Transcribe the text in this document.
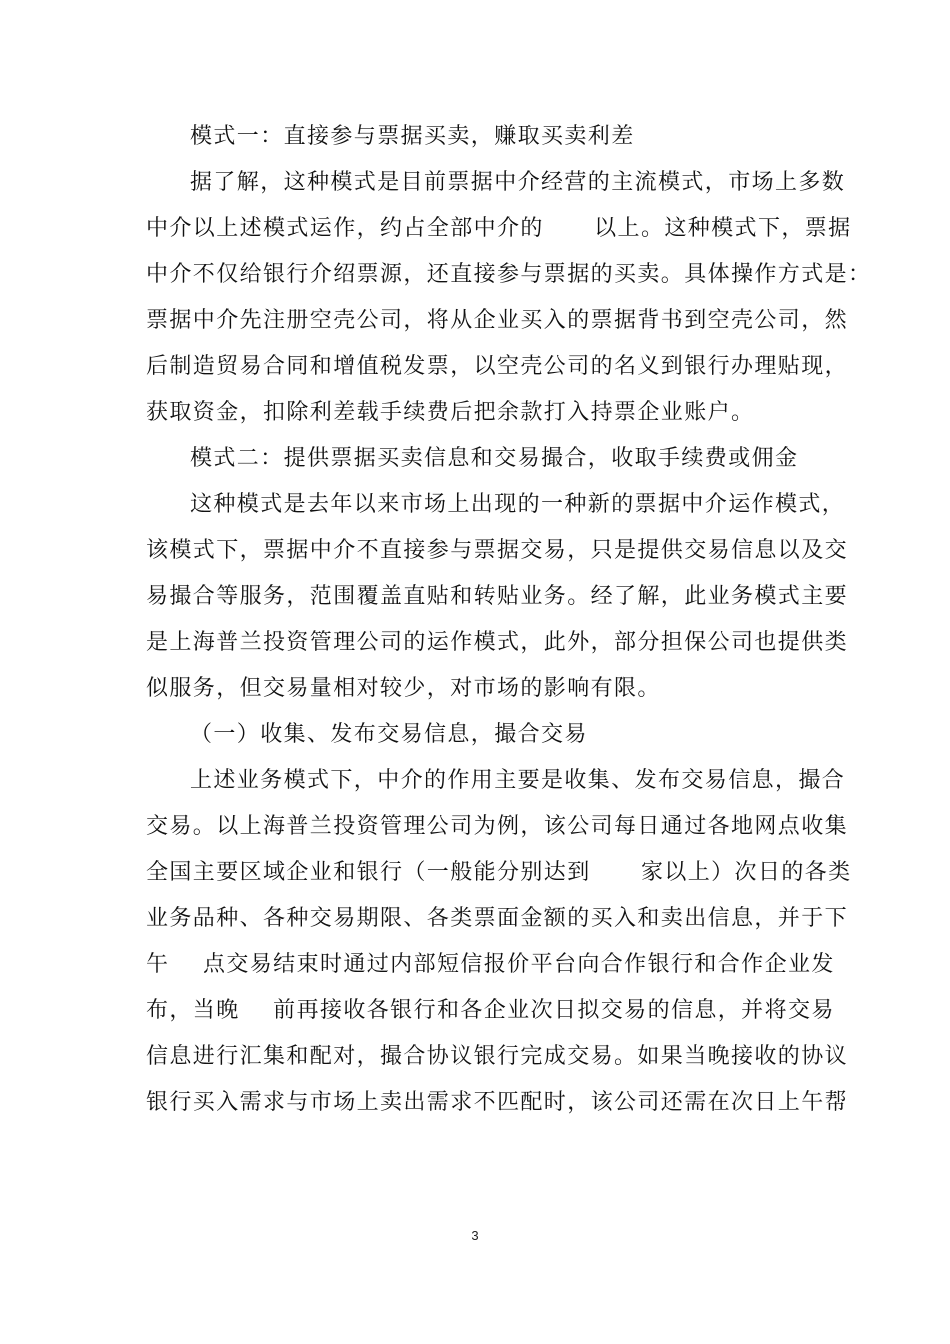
模式一：直接参与票据买卖，赚取买卖利差
据了解，这种模式是目前票据中介经营的主流模式，市场上多数
中介以上述模式运作，约占全部中介的      以上。这种模式下，票据
中介不仅给银行介绍票源，还直接参与票据的买卖。具体操作方式是：
票据中介先注册空壳公司，将从企业买入的票据背书到空壳公司，然
后制造贸易合同和增值税发票，以空壳公司的名义到银行办理贴现，
获取资金，扣除利差载手续费后把余款打入持票企业账户。
模式二：提供票据买卖信息和交易撮合，收取手续费或佣金
这种模式是去年以来市场上出现的一种新的票据中介运作模式，
该模式下，票据中介不直接参与票据交易，只是提供交易信息以及交
易撮合等服务，范围覆盖直贴和转贴业务。经了解，此业务模式主要
是上海普兰投资管理公司的运作模式，此外，部分担保公司也提供类
似服务，但交易量相对较少，对市场的影响有限。
（一）收集、发布交易信息，撮合交易
上述业务模式下，中介的作用主要是收集、发布交易信息，撮合
交易。以上海普兰投资管理公司为例，该公司每日通过各地网点收集
全国主要区域企业和银行（一般能分别达到      家以上）次日的各类
业务品种、各种交易期限、各类票面金额的买入和卖出信息，并于下
午    点交易结束时通过内部短信报价平台向合作银行和合作企业发
布，当晚    前再接收各银行和各企业次日拟交易的信息，并将交易
信息进行汇集和配对，撮合协议银行完成交易。如果当晚接收的协议
银行买入需求与市场上卖出需求不匹配时，该公司还需在次日上午帮
3
